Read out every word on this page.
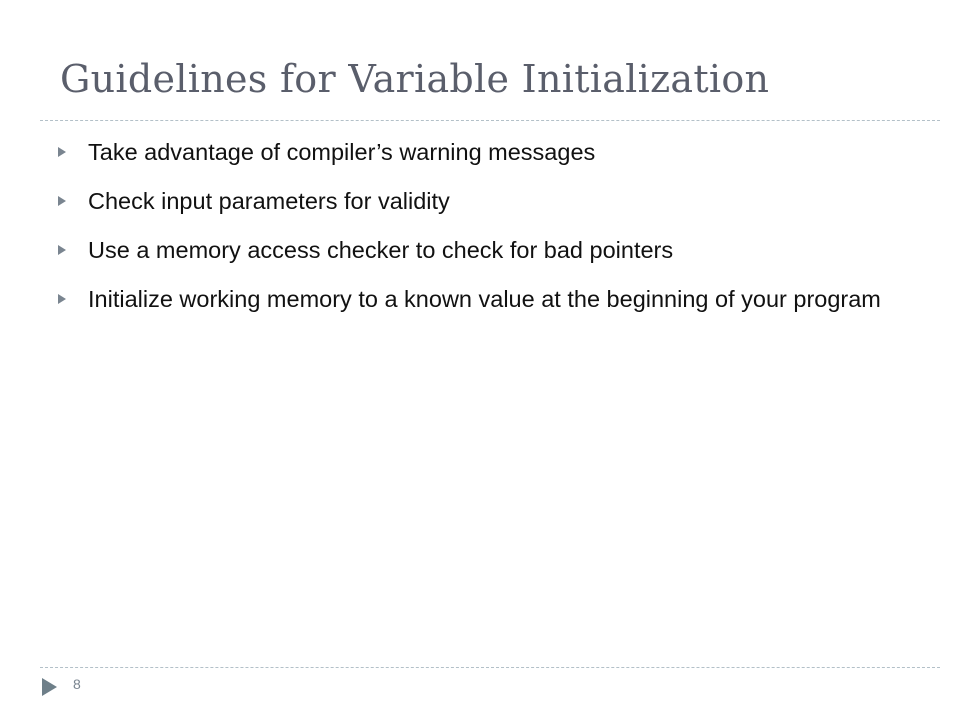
Guidelines for Variable Initialization
Take advantage of compiler’s warning messages
Check input parameters for validity
Use a memory access checker to check for bad pointers
Initialize working memory to a known value at the beginning of your program
8
